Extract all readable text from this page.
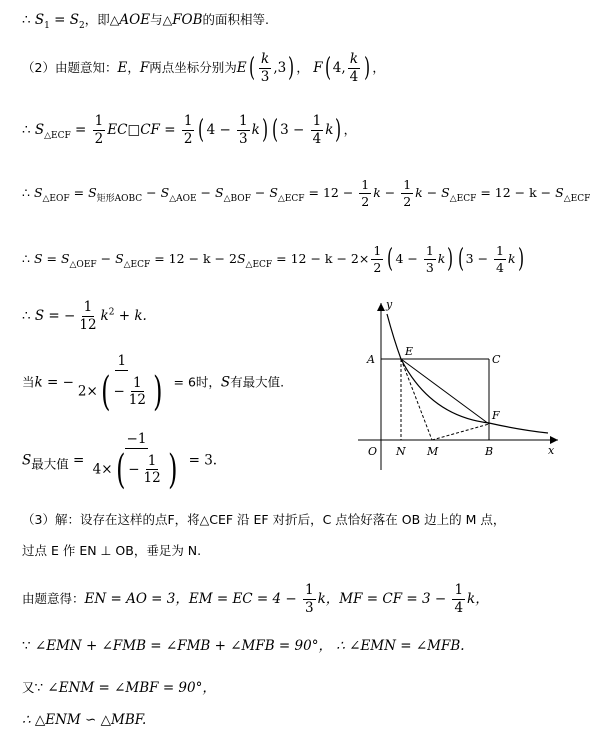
∴ $S_1 = S_2$，即△AOE与△FOB的面积相等.
（2）由题意知：E，F两点坐标分别为$E( \frac{k}{3} ,3)$ ， F( 4, $\frac{k}{4}$ ) ，
∴ $S_{\triangle ECF} = \frac{1}{2}$ EC□CF = $\frac{1}{2}$ ( $4 - \frac{1}{3} k$) ( $3 - \frac{1}{4} k$) ，
∴ $S_{\triangle EOF} = S_{矩形AOBC} - S_{\triangle AOE} - S_{\triangle BOF} - S_{\triangle ECF} = 12 - \frac{1}{2}$ $k - \frac{1}{2}$ $k - S_{\triangle ECF} = 12 - k - S_{\triangle ECF}$
∴ $S = S_{\triangle OEF} - S_{\triangle ECF} = 12 - k - 2S_{\triangle ECF} = 12 - k - 2\times \frac{1}{2}$ ( $4 - \frac{1}{3} k$) ( $3 - \frac{1}{4} k$)
∴ S = − $\frac{1}{12} k^2 + k$.
当k = − $\frac{1}{2\times( - \frac{1}{12} )} = 6$时，S有最大值.
$S_{最大值} = \frac{-1}{4\times( - \frac{1}{12} )} = 3$.
（3）解：设存在这样的点F，将△CEF 沿 EF 对折后，C 点恰好落在 OB 边上的 M 点，
过点 E 作 EN ⊥ OB，垂足为 N.
由题意得：EN = AO = 3，EM = EC = $4 - \frac{1}{3}$ k，MF = CF = $3 - \frac{1}{4}$ k，
∵ ∠EMN + ∠FMB = ∠FMB + ∠MFB = 90°， ∴ ∠EMN = ∠MFB.
又∵ ∠ENM = ∠MBF = 90°，
∴ △ENM ∽ △MBF.
y
x
A
E
C
F
O N M	B
